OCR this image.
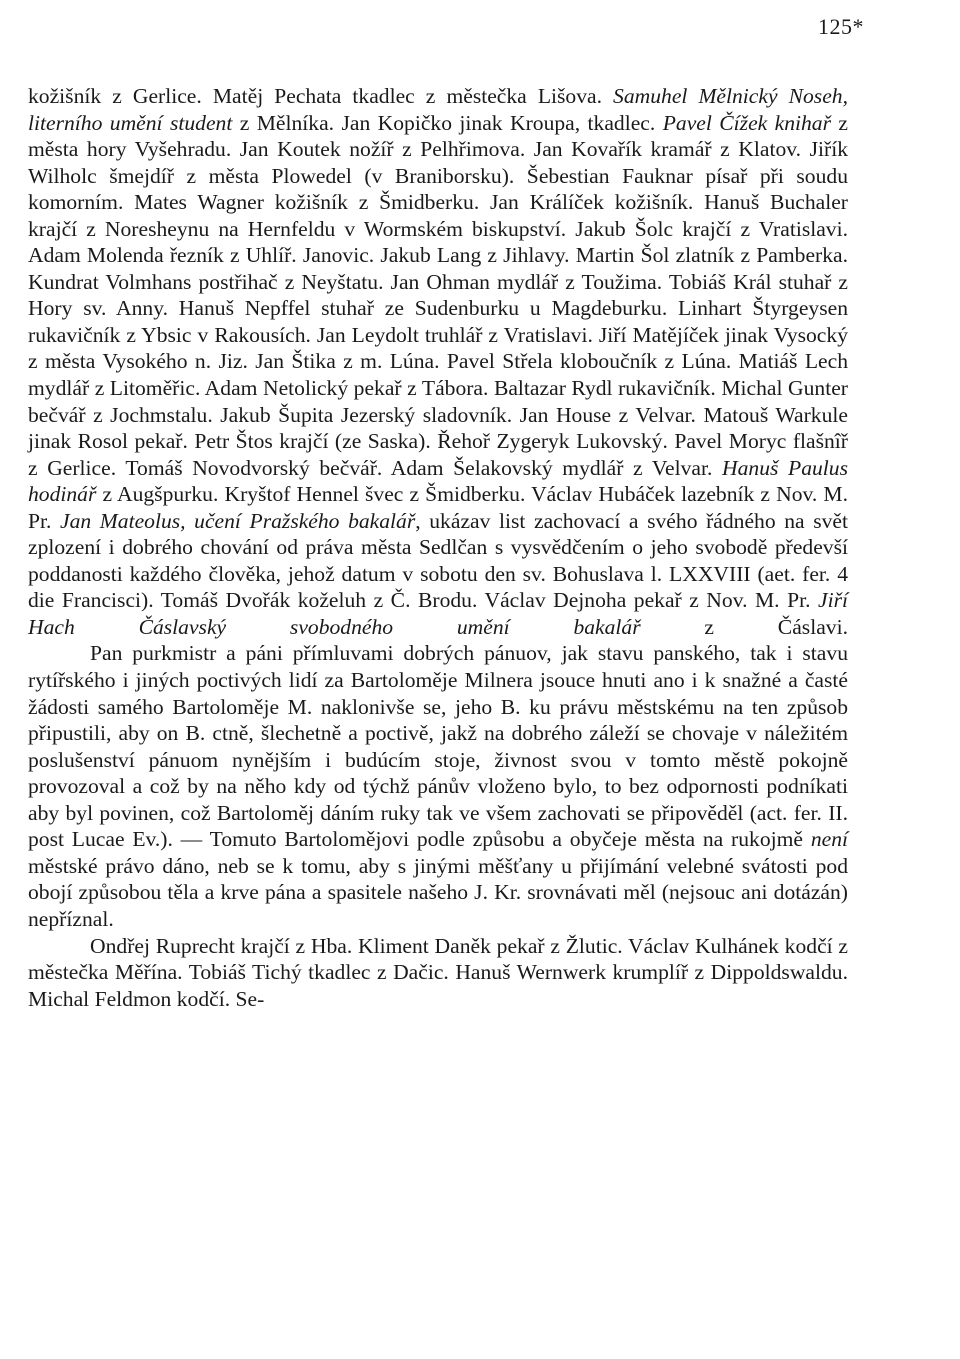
125*

kožišník z Gerlice. Matěj Pechata tkadlec z městečka Lišova. Samuhel Mělnický Noseh, literního umění student z Mělníka. Jan Kopičko jinak Kroupa, tkadlec. Pavel Čížek knihař z města hory Vyšehradu. Jan Koutek nožíř z Pelhřimova. Jan Kovařík kramář z Klatov. Jiřík Wilholc šmejdíř z města Plowedel (v Braniborsku). Šebestian Fauknar písař při soudu komorním. Mates Wagner kožišník z Šmidberku. Jan Králíček kožišník. Hanuš Buchaler krajčí z Noresheynu na Hernfeldu v Wormském biskupství. Jakub Šolc krajčí z Vratislavi. Adam Molenda řezník z Uhlíř. Janovic. Jakub Lang z Jihlavy. Martin Šol zlatník z Pamberka. Kundrat Volmhans postřihač z Neyštatu. Jan Ohman mydlář z Toužima. Tobiáš Král stuhař z Hory sv. Anny. Hanuš Nepffel stuhař ze Sudenburku u Magdeburku. Linhart Štyrgeysen rukavičník z Ybsic v Rakousích. Jan Leydolt truhlář z Vratislavi. Jiří Matějíček jinak Vysocký z města Vysokého n. Jiz. Jan Štika z m. Lúna. Pavel Střela kloboučník z Lúna. Matiáš Lech mydlář z Litoměřic. Adam Netolický pekař z Tábora. Baltazar Rydl rukavičník. Michal Gunter bečvář z Jochmstalu. Jakub Šupita Jezerský sladovník. Jan House z Velvar. Matouš Warkule jinak Rosol pekař. Petr Štos krajčí (ze Saska). Řehoř Zygeryk Lukovský. Pavel Moryc flašnîř z Gerlice. Tomáš Novodvorský bečvář. Adam Šelakovský mydlář z Velvar. Hanuš Paulus hodinář z Augšpurku. Kryštof Hennel švec z Šmidberku. Václav Hubáček lazebník z Nov. M. Pr. Jan Mateolus, učení Pražského bakalář, ukázav list zachovací a svého řádného na svět zplození i dobrého chování od práva města Sedlčan s vysvědčením o jeho svobodě předevší poddanosti každého člověka, jehož datum v sobotu den sv. Bohuslava l. LXXVIII (aet. fer. 4 die Francisci). Tomáš Dvořák koželuh z Č. Brodu. Václav Dejnoha pekař z Nov. M. Pr. Jiří Hach Čáslavský svobodného umění bakalář z Čáslavi.

Pan purkmistr a páni přímluvami dobrých pánuov, jak stavu panského, tak i stavu rytířského i jiných poctivých lidí za Bartoloměje Milnera jsouce hnuti ano i k snažné a časté žádosti samého Bartoloměje M. naklonivše se, jeho B. ku právu městskému na ten způsob připustili, aby on B. ctně, šlechetně a poctivě, jakž na dobrého záleží se chovaje v náležitém poslušenství pánuom nynějším i budúcím stoje, živnost svou v tomto městě pokojně provozoval a což by na něho kdy od týchž pánův vloženo bylo, to bez odpornosti podníkati aby byl povinen, což Bartoloměj dáním ruky tak ve všem zachovati se připověděl (act. fer. II. post Lucae Ev.). — Tomuto Bartolomějovi podle způsobu a obyčeje města na rukojmě není městské právo dáno, neb se k tomu, aby s jinými měšťany u přijímání velebné svátosti pod obojí způsobou těla a krve pána a spasitele našeho J. Kr. srovnávati měl (nejsouc ani dotázán) nepříznal.

Ondřej Ruprecht krajčí z Hba. Kliment Daněk pekař z Žlutic. Václav Kulhánek kodčí z městečka Měřína. Tobiáš Tichý tkadlec z Dačic. Hanuš Wernwerk krumplíř z Dippoldswaldu. Michal Feldmon kodčí. Se-
